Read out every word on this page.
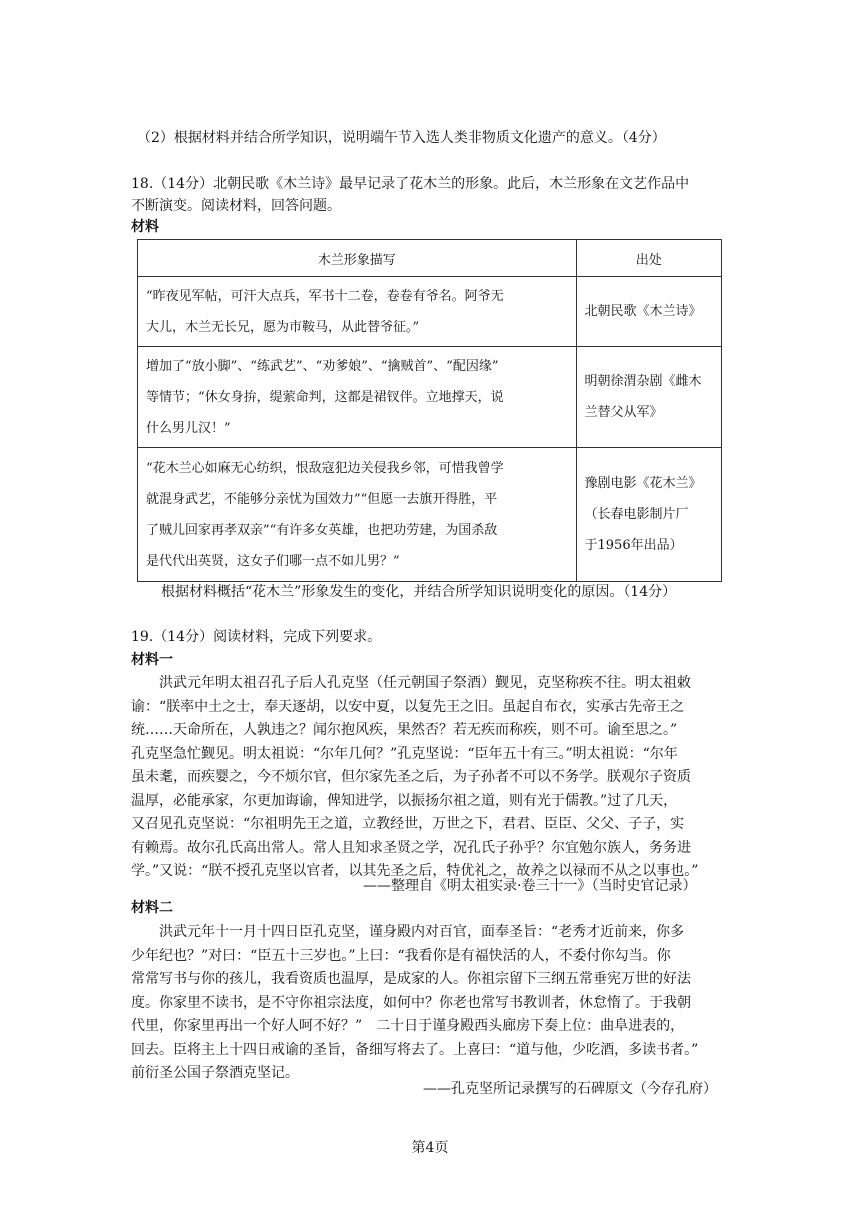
（2）根据材料并结合所学知识，说明端午节入选人类非物质文化遗产的意义。（4分）
18.（14分）北朝民歌《木兰诗》最早记录了花木兰的形象。此后，木兰形象在文艺作品中
不断演变。阅读材料，回答问题。
材料
木兰形象描写	出处

“昨夜见军帖，可汗大点兵，军书十二卷，卷卷有爷名。阿爷无
大儿，木兰无长兄，愿为市鞍马，从此替爷征。”	北朝民歌《木兰诗》

增加了“放小脚”、“练武艺”、“劝爹娘”、“擒贼首”、“配因缘”
等情节；“休女身拚，缇萦命判，这都是裙钗伴。立地撑天，说
什么男儿汉！”	明朝徐渭杂剧《雌木
兰替父从军》

“花木兰心如麻无心纺织，恨敌寇犯边关侵我乡邻，可惜我曾学
就混身武艺，不能够分亲忧为国效力”“但愿一去旗开得胜，平
了贼儿回家再孝双亲”“有许多女英雄，也把功劳建，为国杀敌
是代代出英贤，这女子们哪一点不如儿男？”	豫剧电影《花木兰》
（长春电影制片厂
于1956年出品）
根据材料概括“花木兰”形象发生的变化，并结合所学知识说明变化的原因。（14分）
19.（14分）阅读材料，完成下列要求。
材料一
　　洪武元年明太祖召孔子后人孔克坚（任元朝国子祭酒）觐见，克坚称疾不往。明太祖敕
谕：“朕率中土之士，奉天逐胡，以安中夏，以复先王之旧。虽起自布衣，实承古先帝王之
统……天命所在，人孰违之？闻尔抱风疾，果然否？若无疾而称疾，则不可。谕至思之。”
孔克坚急忙觐见。明太祖说：“尔年几何？”孔克坚说：“臣年五十有三。”明太祖说：“尔年
虽未耄，而疾婴之，今不烦尔官，但尔家先圣之后，为子孙者不可以不务学。朕观尔子资质
温厚，必能承家，尔更加诲谕，俾知进学，以振扬尔祖之道，则有光于儒教。”过了几天，
又召见孔克坚说：“尔祖明先王之道，立教经世，万世之下，君君、臣臣、父父、子子，实
有赖焉。故尔孔氏高出常人。常人且知求圣贤之学，况孔氏子孙乎？尔宜勉尔族人，务务进
学。”又说：“朕不授孔克坚以官者，以其先圣之后，特优礼之，故养之以禄而不从之以事也。”
——整理自《明太祖实录·卷三十一》（当时史官记录）
材料二
　　洪武元年十一月十四日臣孔克坚，谨身殿内对百官，面奉圣旨：“老秀才近前来，你多
少年纪也？”对曰：“臣五十三岁也。”上曰：“我看你是有福快活的人，不委付你勾当。你
常常写书与你的孩儿，我看资质也温厚，是成家的人。你祖宗留下三纲五常垂宪万世的好法
度。你家里不读书，是不守你祖宗法度，如何中？你老也常写书教训者，休怠惰了。于我朝
代里，你家里再出一个好人呵不好？”　二十日于谨身殿西头廊房下奏上位：曲阜进表的，
回去。臣将主上十四日戒谕的圣旨，备细写将去了。上喜曰：“道与他，少吃酒，多读书者。”
前衍圣公国子祭酒克坚记。
——孔克坚所记录撰写的石碑原文（今存孔府）
第4页
